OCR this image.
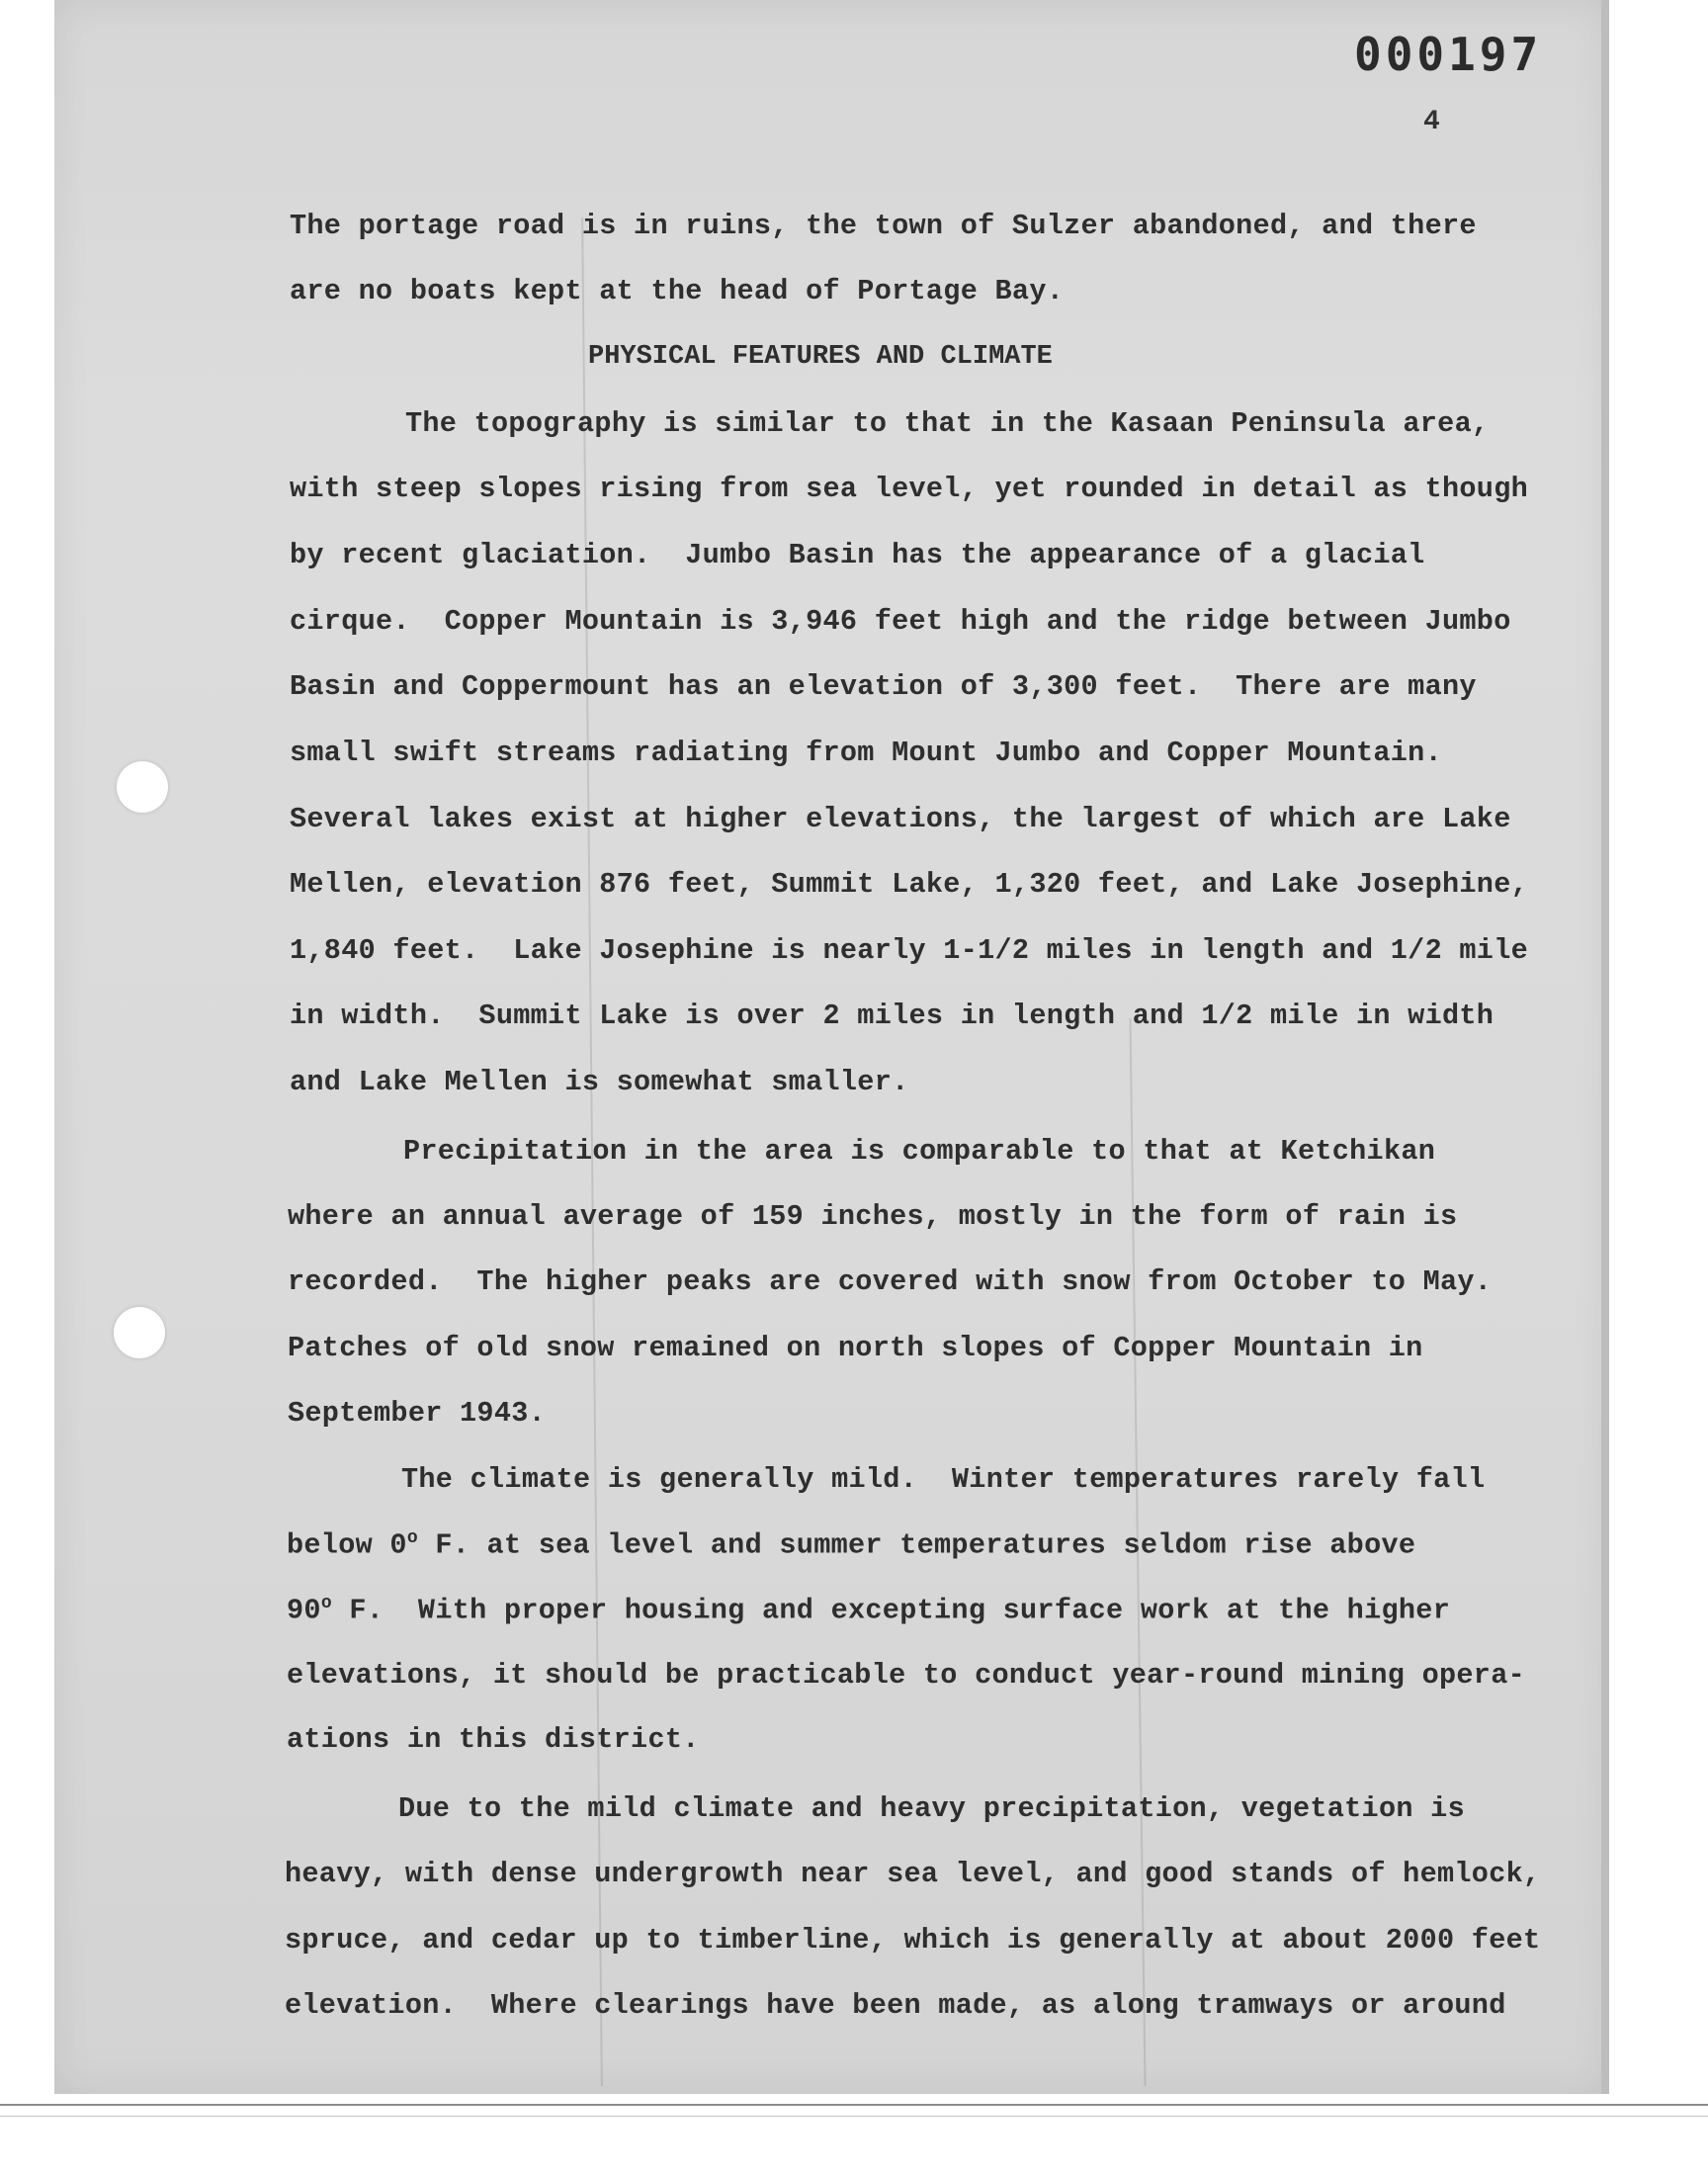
000197
4
The portage road is in ruins, the town of Sulzer abandoned, and there
are no boats kept at the head of Portage Bay.
PHYSICAL FEATURES AND CLIMATE
The topography is similar to that in the Kasaan Peninsula area,
with steep slopes rising from sea level, yet rounded in detail as though
by recent glaciation.  Jumbo Basin has the appearance of a glacial
cirque.  Copper Mountain is 3,946 feet high and the ridge between Jumbo
Basin and Coppermount has an elevation of 3,300 feet.  There are many
small swift streams radiating from Mount Jumbo and Copper Mountain.
Several lakes exist at higher elevations, the largest of which are Lake
Mellen, elevation 876 feet, Summit Lake, 1,320 feet, and Lake Josephine,
1,840 feet.  Lake Josephine is nearly 1-1/2 miles in length and 1/2 mile
in width.  Summit Lake is over 2 miles in length and 1/2 mile in width
and Lake Mellen is somewhat smaller.
Precipitation in the area is comparable to that at Ketchikan
where an annual average of 159 inches, mostly in the form of rain is
recorded.  The higher peaks are covered with snow from October to May.
Patches of old snow remained on north slopes of Copper Mountain in
September 1943.
The climate is generally mild.  Winter temperatures rarely fall
below 0$^o$ F. at sea level and summer temperatures seldom rise above
90$^o$ F.  With proper housing and excepting surface work at the higher
elevations, it should be practicable to conduct year-round mining opera-
ations in this district.
Due to the mild climate and heavy precipitation, vegetation is
heavy, with dense undergrowth near sea level, and good stands of hemlock,
spruce, and cedar up to timberline, which is generally at about 2000 feet
elevation.  Where clearings have been made, as along tramways or around
